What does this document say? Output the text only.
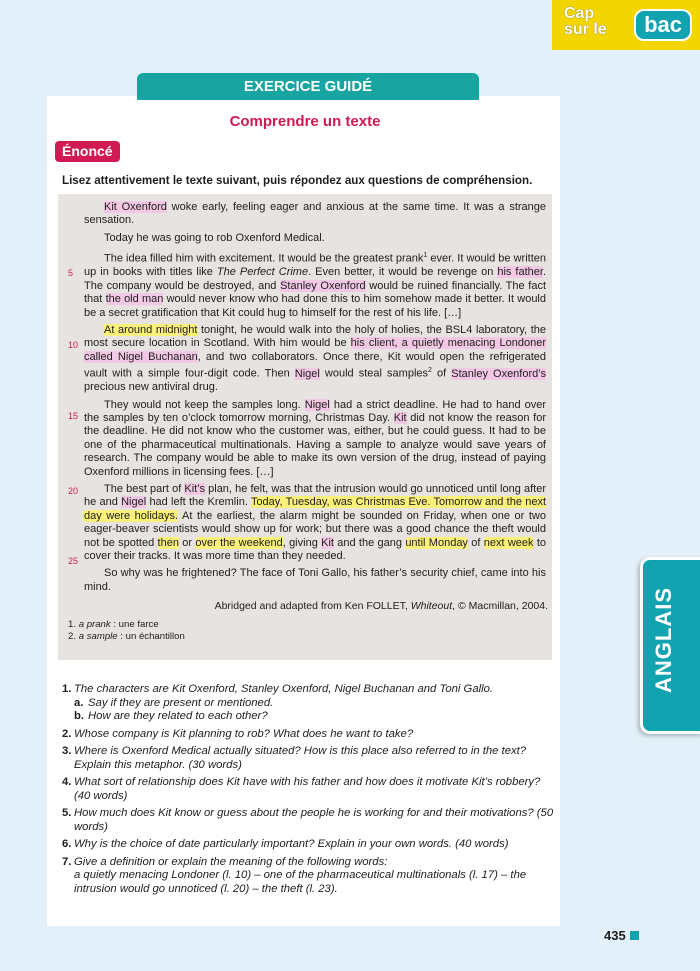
Cap
sur le	bac
EXERCICE GUIDÉ
Comprendre un texte
Énoncé
Lisez attentivement le texte suivant, puis répondez aux questions de compréhension.
5
10
15
20
25

Kit Oxenford woke early, feeling eager and anxious at the same time. It was a strange sensation.

Today he was going to rob Oxenford Medical.

The idea filled him with excitement. It would be the greatest prank$^1$ ever. It would be written up in books with titles like The Perfect Crime. Even better, it would be revenge on his father. The company would be destroyed, and Stanley Oxenford would be ruined financially. The fact that the old man would never know who had done this to him somehow made it better. It would be a secret gratification that Kit could hug to himself for the rest of his life. […]

At around midnight tonight, he would walk into the holy of holies, the BSL4 laboratory, the most secure location in Scotland. With him would be his client, a quietly menacing Londoner called Nigel Buchanan, and two collaborators. Once there, Kit would open the refrigerated vault with a simple four-digit code. Then Nigel would steal samples$^2$ of Stanley Oxenford’s precious new antiviral drug.

They would not keep the samples long. Nigel had a strict deadline. He had to hand over the samples by ten o’clock tomorrow morning, Christmas Day. Kit did not know the reason for the deadline. He did not know who the customer was, either, but he could guess. It had to be one of the pharmaceutical multinationals. Having a sample to analyze would save years of research. The company would be able to make its own version of the drug, instead of paying Oxenford millions in licensing fees. […]

The best part of Kit’s plan, he felt, was that the intrusion would go unnoticed until long after he and Nigel had left the Kremlin. Today, Tuesday, was Christmas Eve. Tomorrow and the next day were holidays. At the earliest, the alarm might be sounded on Friday, when one or two eager-beaver scientists would show up for work; but there was a good chance the theft would not be spotted then or over the weekend, giving Kit and the gang until Monday of next week to cover their tracks. It was more time than they needed.

So why was he frightened? The face of Toni Gallo, his father’s security chief, came into his mind.

Abridged and adapted from Ken FOLLET, Whiteout, © Macmillan, 2004.
1. a prank : une farce
2. a sample : un échantillon
1. The characters are Kit Oxenford, Stanley Oxenford, Nigel Buchanan and Toni Gallo.
a. Say if they are present or mentioned.
b. How are they related to each other?
2. Whose company is Kit planning to rob? What does he want to take?
3. Where is Oxenford Medical actually situated? How is this place also referred to in the text? Explain this metaphor. (30 words)
4. What sort of relationship does Kit have with his father and how does it motivate Kit’s robbery? (40 words)
5. How much does Kit know or guess about the people he is working for and their motivations? (50 words)
6. Why is the choice of date particularly important? Explain in your own words. (40 words)
7. Give a definition or explain the meaning of the following words:
a quietly menacing Londoner (l. 10) – one of the pharmaceutical multinationals (l. 17) – the intrusion would go unnoticed (l. 20) – the theft (l. 23).
ANGLAIS
435
